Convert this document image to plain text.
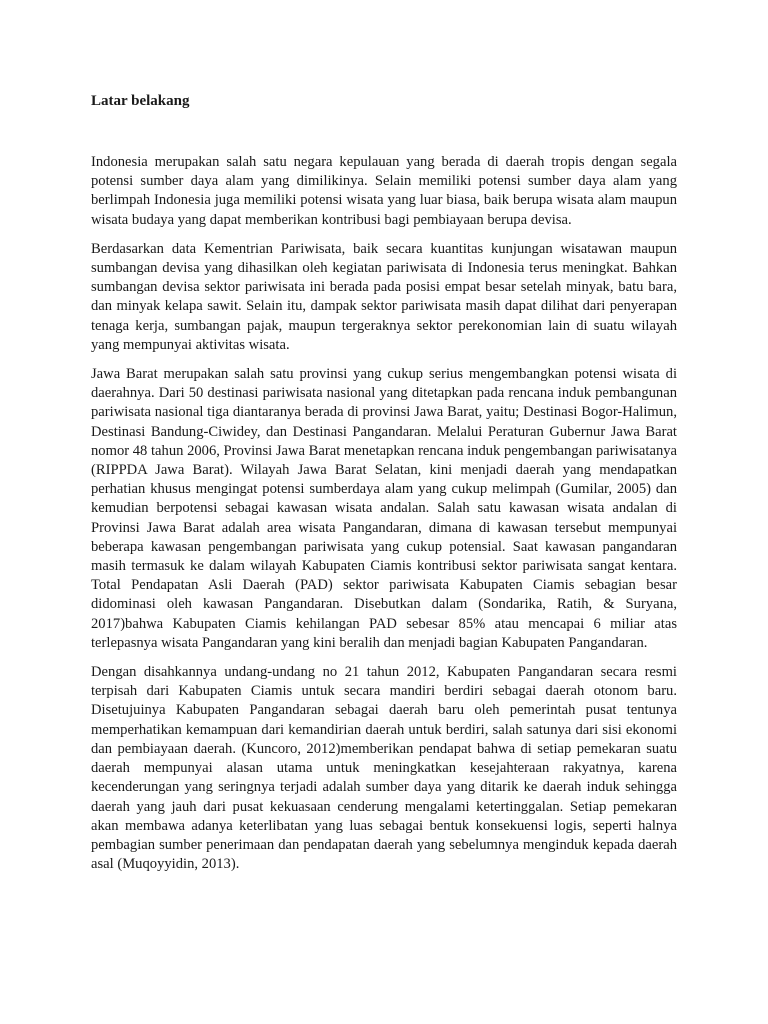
Latar belakang

Indonesia merupakan salah satu negara kepulauan yang berada di daerah tropis dengan segala potensi sumber daya alam yang dimilikinya. Selain memiliki potensi sumber daya alam yang berlimpah Indonesia juga memiliki potensi wisata yang luar biasa, baik berupa wisata alam maupun wisata budaya yang dapat memberikan kontribusi bagi pembiayaan berupa devisa.

Berdasarkan data Kementrian Pariwisata, baik secara kuantitas kunjungan wisatawan maupun sumbangan devisa yang dihasilkan oleh kegiatan pariwisata di Indonesia terus meningkat. Bahkan sumbangan devisa sektor pariwisata ini berada pada posisi empat besar setelah minyak, batu bara, dan minyak kelapa sawit. Selain itu, dampak sektor pariwisata masih dapat dilihat dari penyerapan tenaga kerja, sumbangan pajak, maupun tergeraknya sektor perekonomian lain di suatu wilayah yang mempunyai aktivitas wisata.

Jawa Barat merupakan salah satu provinsi yang cukup serius mengembangkan potensi wisata di daerahnya. Dari 50 destinasi pariwisata nasional yang ditetapkan pada rencana induk pembangunan pariwisata nasional tiga diantaranya berada di provinsi Jawa Barat, yaitu; Destinasi Bogor-Halimun, Destinasi Bandung-Ciwidey, dan Destinasi Pangandaran. Melalui Peraturan Gubernur Jawa Barat nomor 48 tahun 2006, Provinsi Jawa Barat menetapkan rencana induk pengembangan pariwisatanya (RIPPDA Jawa Barat). Wilayah Jawa Barat Selatan, kini menjadi daerah yang mendapatkan perhatian khusus mengingat potensi sumberdaya alam yang cukup melimpah (Gumilar, 2005) dan kemudian berpotensi sebagai kawasan wisata andalan. Salah satu kawasan wisata andalan di Provinsi Jawa Barat adalah area wisata Pangandaran, dimana di kawasan tersebut mempunyai beberapa kawasan pengembangan pariwisata yang cukup potensial. Saat kawasan pangandaran masih termasuk ke dalam wilayah Kabupaten Ciamis kontribusi sektor pariwisata sangat kentara. Total Pendapatan Asli Daerah (PAD) sektor pariwisata Kabupaten Ciamis sebagian besar didominasi oleh kawasan Pangandaran. Disebutkan dalam (Sondarika, Ratih, & Suryana, 2017)bahwa Kabupaten Ciamis kehilangan PAD sebesar 85% atau mencapai 6 miliar atas terlepasnya wisata Pangandaran yang kini beralih dan menjadi bagian Kabupaten Pangandaran.

Dengan disahkannya undang-undang no 21 tahun 2012, Kabupaten Pangandaran secara resmi terpisah dari Kabupaten Ciamis untuk secara mandiri berdiri sebagai daerah otonom baru. Disetujuinya Kabupaten Pangandaran sebagai daerah baru oleh pemerintah pusat tentunya memperhatikan kemampuan dari kemandirian daerah untuk berdiri, salah satunya dari sisi ekonomi dan pembiayaan daerah. (Kuncoro, 2012)memberikan pendapat bahwa di setiap pemekaran suatu daerah mempunyai alasan utama untuk meningkatkan kesejahteraan rakyatnya, karena kecenderungan yang seringnya terjadi adalah sumber daya yang ditarik ke daerah induk sehingga daerah yang jauh dari pusat kekuasaan cenderung mengalami ketertinggalan. Setiap pemekaran akan membawa adanya keterlibatan yang luas sebagai bentuk konsekuensi logis, seperti halnya pembagian sumber penerimaan dan pendapatan daerah yang sebelumnya menginduk kepada daerah asal (Muqoyyidin, 2013).
